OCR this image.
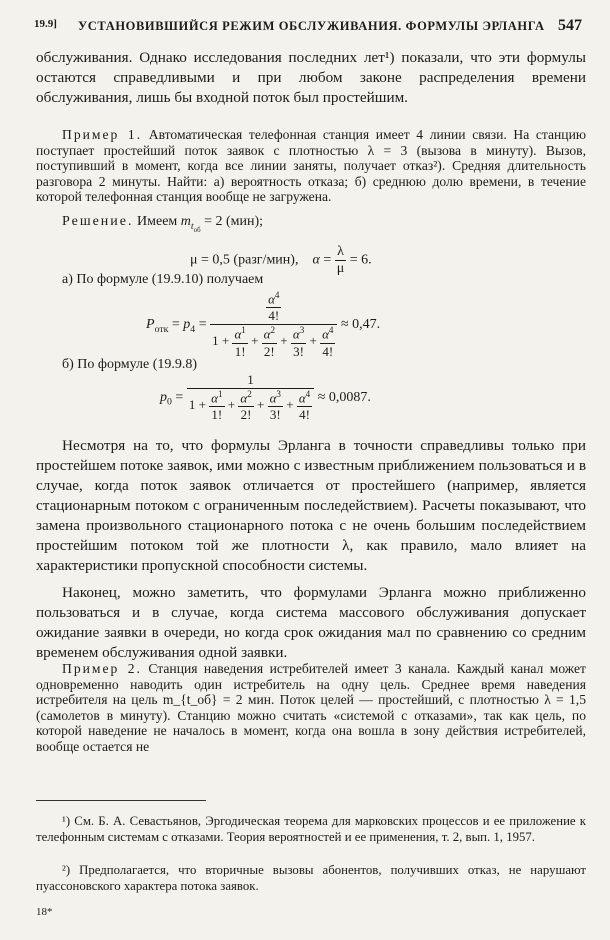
19.9] УСТАНОВИВШИЙСЯ РЕЖИМ ОБСЛУЖИВАНИЯ. ФОРМУЛЫ ЭРЛАНГА 547

обслуживания. Однако исследования последних лет¹) показали, что эти формулы остаются справедливыми и при любом законе распределения времени обслуживания, лишь бы входной поток был простейшим.

Пример 1. Автоматическая телефонная станция имеет 4 линии связи. На станцию поступает простейший поток заявок с плотностью λ = 3 (вызова в минуту). Вызов, поступивший в момент, когда все линии заняты, получает отказ²). Средняя длительность разговора 2 минуты. Найти: а) вероятность отказа; б) среднюю долю времени, в течение которой телефонная станция вообще не загружена.

Решение. Имеем $m_{t_{об}} = 2$ (мин);
μ = 0,5 (разг/мин), $\alpha = \frac{\lambda}{\mu} = 6$.
а) По формуле (19.9.10) получаем
$P_{отк} = p_4 = \frac{\frac{\alpha^4}{4!}}{1 + \frac{\alpha^1}{1!} + \frac{\alpha^2}{2!} + \frac{\alpha^3}{3!} + \frac{\alpha^4}{4!}} \approx 0,47$.
б) По формуле (19.9.8)
$p_0 = \frac{1}{1 + \frac{\alpha^1}{1!} + \frac{\alpha^2}{2!} + \frac{\alpha^3}{3!} + \frac{\alpha^4}{4!}} \approx 0,0087$.

Несмотря на то, что формулы Эрланга в точности справедливы только при простейшем потоке заявок, ими можно с известным приближением пользоваться и в случае, когда поток заявок отличается от простейшего (например, является стационарным потоком с ограниченным последействием). Расчеты показывают, что замена произвольного стационарного потока с не очень большим последействием простейшим потоком той же плотности λ, как правило, мало влияет на характеристики пропускной способности системы.

Наконец, можно заметить, что формулами Эрланга можно приближенно пользоваться и в случае, когда система массового обслуживания допускает ожидание заявки в очереди, но когда срок ожидания мал по сравнению со средним временем обслуживания одной заявки.

Пример 2. Станция наведения истребителей имеет 3 канала. Каждый канал может одновременно наводить один истребитель на одну цель. Среднее время наведения истребителя на цель m_{t_об} = 2 мин. Поток целей — простейший, с плотностью λ = 1,5 (самолетов в минуту). Станцию можно считать «системой с отказами», так как цель, по которой наведение не началось в момент, когда она вошла в зону действия истребителей, вообще остается не

¹) См. Б. А. Севастьянов, Эргодическая теорема для марковских процессов и ее приложение к телефонным системам с отказами. Теория вероятностей и ее применения, т. 2, вып. 1, 1957.

²) Предполагается, что вторичные вызовы абонентов, получивших отказ, не нарушают пуассоновского характера потока заявок.

18*
